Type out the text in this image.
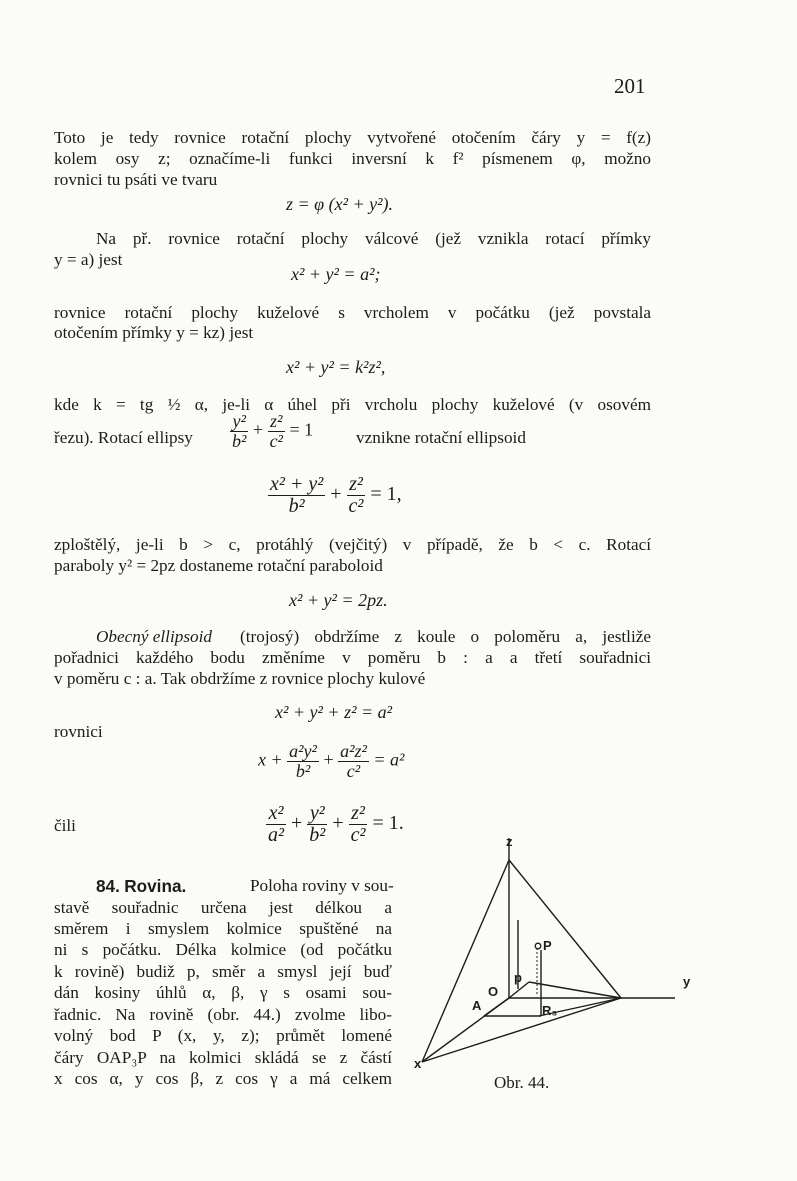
201
Toto je tedy rovnice rotační plochy vytvořené otočením čáry y = f(z)
kolem osy z; označíme-li funkci inversní k f² písmenem φ, možno
rovnici tu psáti ve tvaru
z = φ (x² + y²).
Na př. rovnice rotační plochy válcové (jež vznikla rotací přímky
y = a) jest
x² + y² = a²;
rovnice rotační plochy kuželové s vrcholem v počátku (jež povstala
otočením přímky y = kz) jest
x² + y² = k²z²,
kde k = tg ½ α, je-li α úhel při vrcholu plochy kuželové (v osovém
řezu). Rotací ellipsy $\frac{\text{y²}}{\text{b²}} + \frac{\text{z²}}{\text{c²}} = 1$ vznikne rotační ellipsoid
$\frac{\text{x² + y²}}{\text{b²}} + \frac{\text{z²}}{\text{c²}} = 1$,
zploštělý, je-li b > c, protáhlý (vejčitý) v případě, že b < c. Rotací
paraboly y² = 2pz dostaneme rotační paraboloid
x² + y² = 2pz.
Obecný ellipsoid (trojosý) obdržíme z koule o poloměru a, jestliže
pořadnici každého bodu změníme v poměru b : a a třetí souřadnici
v poměru c : a. Tak obdržíme z rovnice plochy kulové
x² + y² + z² = a²
rovnici
$x + \frac{\text{a²y²}}{\text{b²}} + \frac{\text{a²z²}}{\text{c²}} = a^2$
čili	$\frac{\text{x²}}{\text{a²}} + \frac{\text{y²}}{\text{b²}} + \frac{\text{z²}}{\text{c²}} = 1$.
84. Rovina.	Poloha roviny v sou-
stavě souřadnic určena jest délkou a
směrem i smyslem kolmice spuštěné na
ni s počátku. Délka kolmice (od počátku
k rovině) budiž p, směr a smysl její buď
dán kosiny úhlů α, β, γ s osami sou-
řadnic. Na rovině (obr. 44.) zvolme libo-
volný bod P (x, y, z); průmět lomené
čáry OAP₃P na kolmici skládá se z částí
x cos α, y cos β, z cos γ a má celkem
z
y
x
O
A
P
p
R₃
Obr. 44.
